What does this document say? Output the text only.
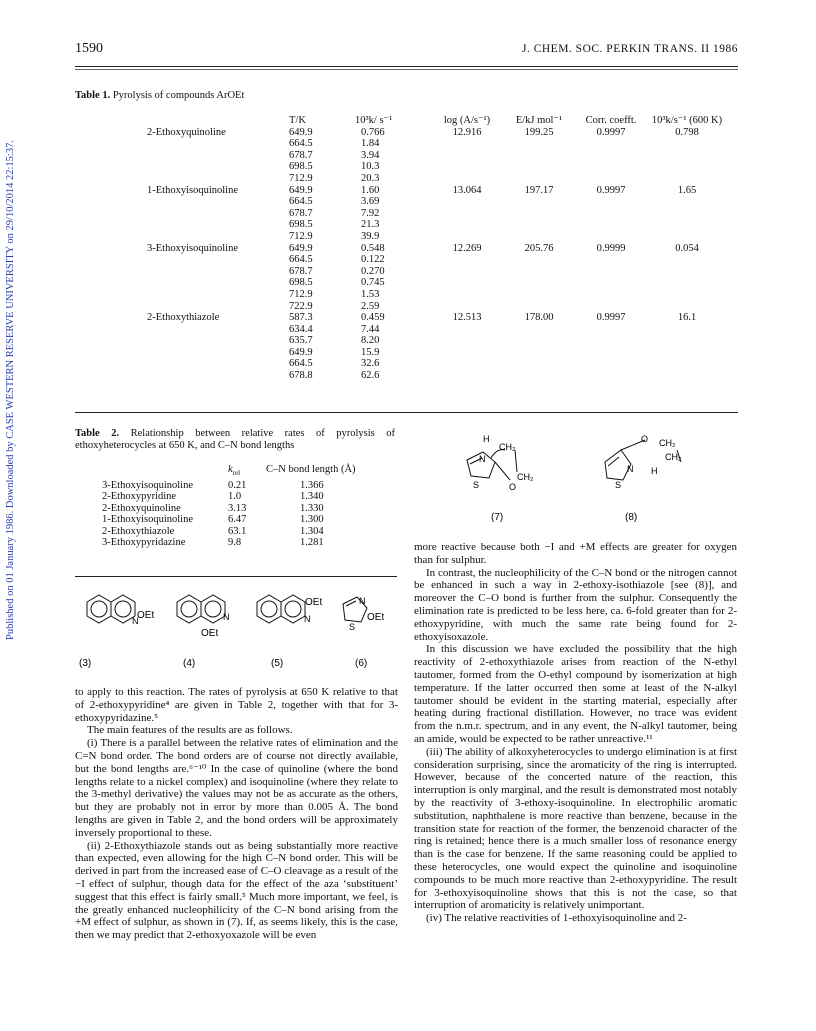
Published on 01 January 1986. Downloaded by CASE WESTERN RESERVE UNIVERSITY on 29/10/2014 22:15:37.
1590	J. CHEM. SOC. PERKIN TRANS. II 1986
Table 1. Pyrolysis of compounds ArOEt
	T/K	10³k/ s⁻¹	log (A/s⁻¹)	E/kJ mol⁻¹	Corr. coefft.	10³k/s⁻¹ (600 K)
2-Ethoxyquinoline	649.9	0.766	12.916	199.25	0.9997	0.798
	664.5	1.84				
	678.7	3.94				
	698.5	10.3				
	712.9	20.3				
1-Ethoxyisoquinoline	649.9	1.60	13.064	197.17	0.9997	1.65
	664.5	3.69				
	678.7	7.92				
	698.5	21.3				
	712.9	39.9				
3-Ethoxyisoquinoline	649.9	0.548	12.269	205.76	0.9999	0.054
	664.5	0.122				
	678.7	0.270				
	698.5	0.745				
	712.9	1.53				
	722.9	2.59				
2-Ethoxythiazole	587.3	0.459	12.513	178.00	0.9997	16.1
	634.4	7.44				
	635.7	8.20				
	649.9	15.9				
	664.5	32.6				
	678.8	62.6				
Table 2. Relationship between relative rates of pyrolysis of ethoxyheterocycles at 650 K, and C–N bond lengths
	$k_{rel}$	C–N bond length (Å)
3-Ethoxyisoquinoline	0.21	1.366
2-Ethoxypyridine	1.0	1.340
2-Ethoxyquinoline	3.13	1.330
1-Ethoxyisoquinoline	6.47	1.300
2-Ethoxythiazole	63.1	1.304
3-Ethoxypyridazine	9.8	1.281
N
OEt	N
OEt
OEt
N
N
S
OEt
(3)	(4)	(5)	(6)
H
CH₂
N
S	O
CH₂
(7)
O CH₂
CH₂
N H
S
(8)

to apply to this reaction. The rates of pyrolysis at 650 K relative to that of 2-ethoxypyridine⁴ are given in Table 2, together with that for 3-ethoxypyridazine.⁵

The main features of the results are as follows.

(i) There is a parallel between the relative rates of elimination and the C=N bond order. The bond orders are of course not directly available, but the bond lengths are.⁶⁻¹⁰ In the case of quinoline (where the bond lengths relate to a nickel complex) and isoquinoline (where they relate to the 3-methyl derivative) the values may not be as accurate as the others, but they are probably not in error by more than 0.005 Å. The bond lengths are given in Table 2, and the bond orders will be approximately inversely proportional to these.

(ii) 2-Ethoxythiazole stands out as being substantially more reactive than expected, even allowing for the high C–N bond order. This will be derived in part from the increased ease of C–O cleavage as a result of the −I effect of sulphur, though data for the effect of the aza ‘substituent’ suggest that this effect is fairly small.⁵ Much more important, we feel, is the greatly enhanced nucleophilicity of the C–N bond arising from the +M effect of sulphur, as shown in (7). If, as seems likely, this is the case, then we may predict that 2-ethoxyoxazole will be even

more reactive because both −I and +M effects are greater for oxygen than for sulphur.

In contrast, the nucleophilicity of the C–N bond or the nitrogen cannot be enhanced in such a way in 2-ethoxy-isothiazole [see (8)], and moreover the C–O bond is further from the sulphur. Consequently the elimination rate is predicted to be less here, ca. 6-fold greater than for 2-ethoxypyridine, with much the same rate being found for 2-ethoxyisoxazole.

In this discussion we have excluded the possibility that the high reactivity of 2-ethoxythiazole arises from reaction of the N-ethyl tautomer, formed from the O-ethyl compound by isomerization at high temperature. If the latter occurred then some at least of the N-alkyl tautomer should be evident in the starting material, especially after heating during fractional distillation. However, no trace was evident from the n.m.r. spectrum, and in any event, the N-alkyl tautomer, being an amide, would be expected to be rather unreactive.¹¹

(iii) The ability of alkoxyheterocycles to undergo elimination is at first consideration surprising, since the aromaticity of the ring is interrupted. However, because of the concerted nature of the reaction, this interruption is only marginal, and the result is demonstrated most notably by the reactivity of 3-ethoxy-isoquinoline. In electrophilic aromatic substitution, naphthalene is more reactive than benzene, because in the transition state for reaction of the former, the benzenoid character of the ring is retained; hence there is a much smaller loss of resonance energy than is the case for benzene. If the same reasoning could be applied to these heterocycles, one would expect the quinoline and isoquinoline compounds to be much more reactive than 2-ethoxypyridine. The result for 3-ethoxyisoquinoline shows that this is not the case, so that interruption of aromaticity is relatively unimportant.

(iv) The relative reactivities of 1-ethoxyisoquinoline and 2-
